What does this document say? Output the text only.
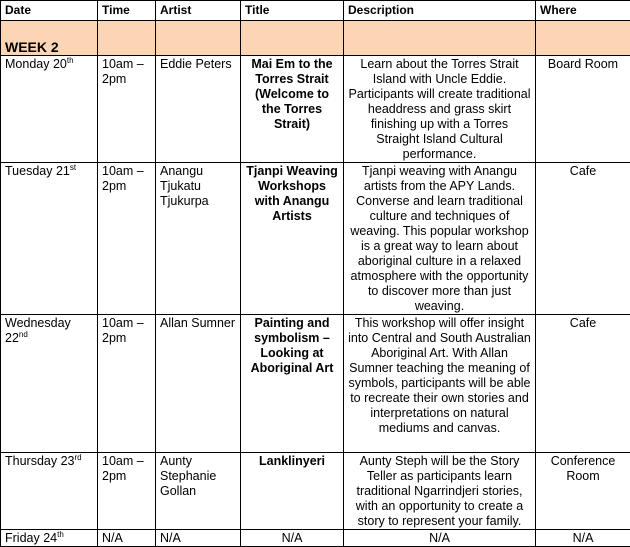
Date	Time	Artist	Title	Description	Where
WEEK 2					
Monday 20th	10am – 2pm	Eddie Peters	Mai Em to the Torres Strait (Welcome to the Torres Strait)	Learn about the Torres Strait Island with Uncle Eddie. Participants will create traditional headdress and grass skirt finishing up with a Torres Straight Island Cultural performance.	Board Room
Tuesday 21st	10am – 2pm	Anangu Tjukatu Tjukurpa	Tjanpi Weaving Workshops with Anangu Artists	Tjanpi weaving with Anangu artists from the APY Lands. Converse and learn traditional culture and techniques of weaving. This popular workshop is a great way to learn about aboriginal culture in a relaxed atmosphere with the opportunity to discover more than just weaving.	Cafe
Wednesday 22nd	10am – 2pm	Allan Sumner	Painting and symbolism – Looking at Aboriginal Art	This workshop will offer insight into Central and South Australian Aboriginal Art. With Allan Sumner teaching the meaning of symbols, participants will be able to recreate their own stories and interpretations on natural mediums and canvas.	Cafe
Thursday 23rd	10am – 2pm	Aunty Stephanie Gollan	Lanklinyeri	Aunty Steph will be the Story Teller as participants learn traditional Ngarrindjeri stories, with an opportunity to create a story to represent your family.	Conference Room
Friday 24th	N/A	N/A	N/A	N/A	N/A
